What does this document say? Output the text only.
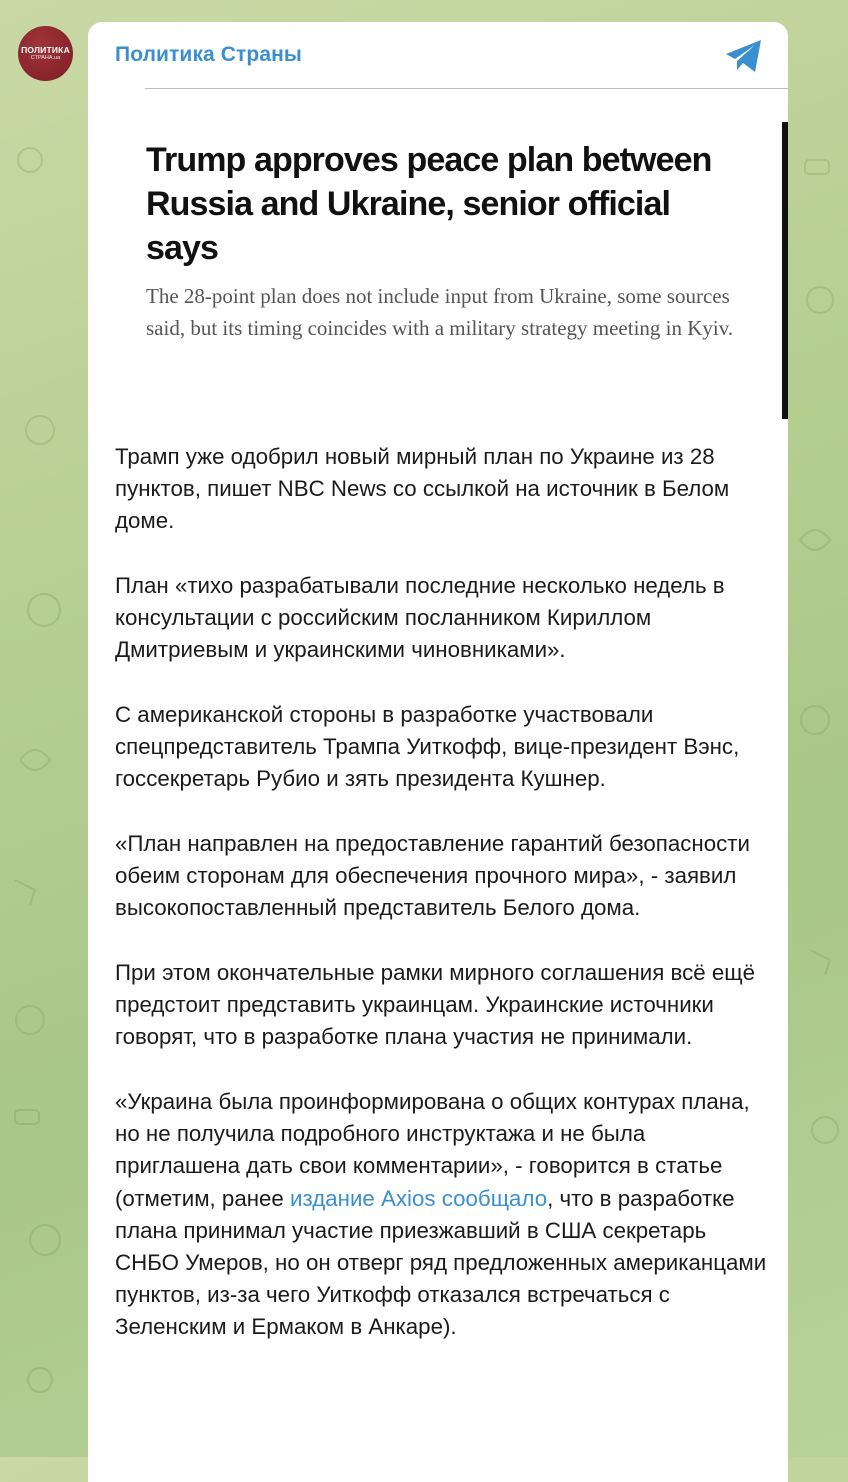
ПОЛИТИКА
СТРАНА.ua	Политика Страны
Trump approves peace plan between Russia and Ukraine, senior official says

The 28-point plan does not include input from Ukraine, some sources said, but its timing coincides with a military strategy meeting in Kyiv.

Трамп уже одобрил новый мирный план по Украине из 28 пунктов, пишет NBC News со ссылкой на источник в Белом доме.

План «тихо разрабатывали последние несколько недель в консультации с российским посланником Кириллом Дмитриевым и украинскими чиновниками».

С американской стороны в разработке участвовали спецпредставитель Трампа Уиткофф, вице-президент Вэнс, госсекретарь Рубио и зять президента Кушнер.

«План направлен на предоставление гарантий безопасности обеим сторонам для обеспечения прочного мира», - заявил высокопоставленный представитель Белого дома.

При этом окончательные рамки мирного соглашения всё ещё предстоит представить украинцам. Украинские источники говорят, что в разработке плана участия не принимали.

«Украина была проинформирована о общих контурах плана, но не получила подробного инструктажа и не была приглашена дать свои комментарии», - говорится в статье (отметим, ранее издание Axios сообщало, что в разработке плана принимал участие приезжавший в США секретарь СНБО Умеров, но он отверг ряд предложенных американцами пунктов, из-за чего Уиткофф отказался встречаться с Зеленским и Ермаком в Анкаре).
